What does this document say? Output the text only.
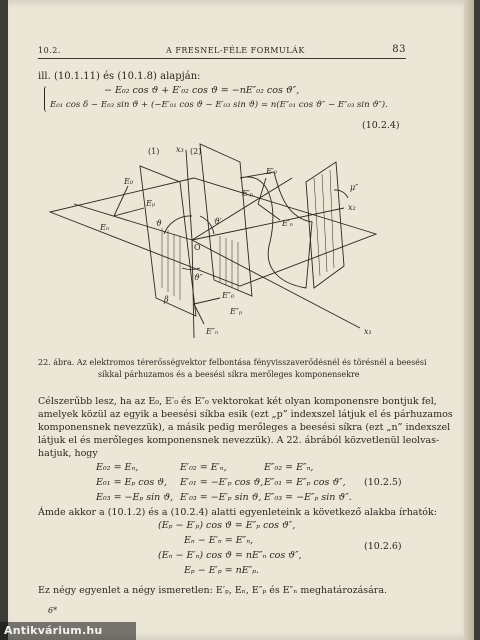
10.2.	A FRESNEL-FÉLE FORMULÁK	83
ill. (10.1.11) és (10.1.8) alapján:
− E₀₂ cos ϑ + E′₀₂ cos ϑ = −nE″₀₂ cos ϑ″,
E₀₁ cos δ − E₀₃ sin ϑ + (−E′₀₁ cos ϑ − E′₀₃ sin ϑ) = n(E″₀₁ cos ϑ″ − E″₀₃ sin ϑ″).
(10.2.4)
(1)	(2)
x₁
x₂
x₃
O
ϑ	ϑ′
ϑ″
β
μ″
E₀
Eₚ
Eₙ
E′₀
E′ₚ
E′ₙ
E″₀
E″ₚ
E″ₙ
22. ábra. Az elektromos térerősségvektor felbontása fényvisszaverődésnél és törésnél a beesési
síkkal párhuzamos és a beesési síkra merőleges komponensekre
Célszerűbb lesz, ha az E₀, E′₀ és E″₀ vektorokat két olyan komponensre bontjuk fel,
amelyek közül az egyik a beesési síkba esik (ezt „p” indexszel látjuk el és párhuzamos
komponensnek nevezzük), a másik pedig merőleges a beesési síkra (ezt „n” indexszel
látjuk el és merőleges komponensnek nevezzük). A 22. ábrából közvetlenül leolvas-
hatjuk, hogy
E₀₂ = Eₙ,	E′₀₂ = E′ₙ,	E″₀₂ = E″ₙ,
E₀₁ = Eₚ cos ϑ, E′₀₁ = −E′ₚ cos ϑ, E″₀₁ = E″ₚ cos ϑ″,
E₀₃ = −Eₚ sin ϑ, E′₀₃ = −E′ₚ sin ϑ, E″₀₃ = −E″ₚ sin ϑ″.
(10.2.5)
Ámde akkor a (10.1.2) és a (10.2.4) alatti egyenleteink a következő alakba írhatók:
(Eₚ − E′ₚ) cos ϑ = E″ₚ cos ϑ″,
Eₙ − E′ₙ = E″ₙ,
(Eₙ − E′ₙ) cos ϑ = nE″ₙ cos ϑ″,
Eₚ − E′ₚ = nE″ₚ.
(10.2.6)
Ez négy egyenlet a négy ismeretlen: E′ₚ, Eₙ, E″ₚ és E″ₙ meghatározására.
6*
Antikvárium.hu
